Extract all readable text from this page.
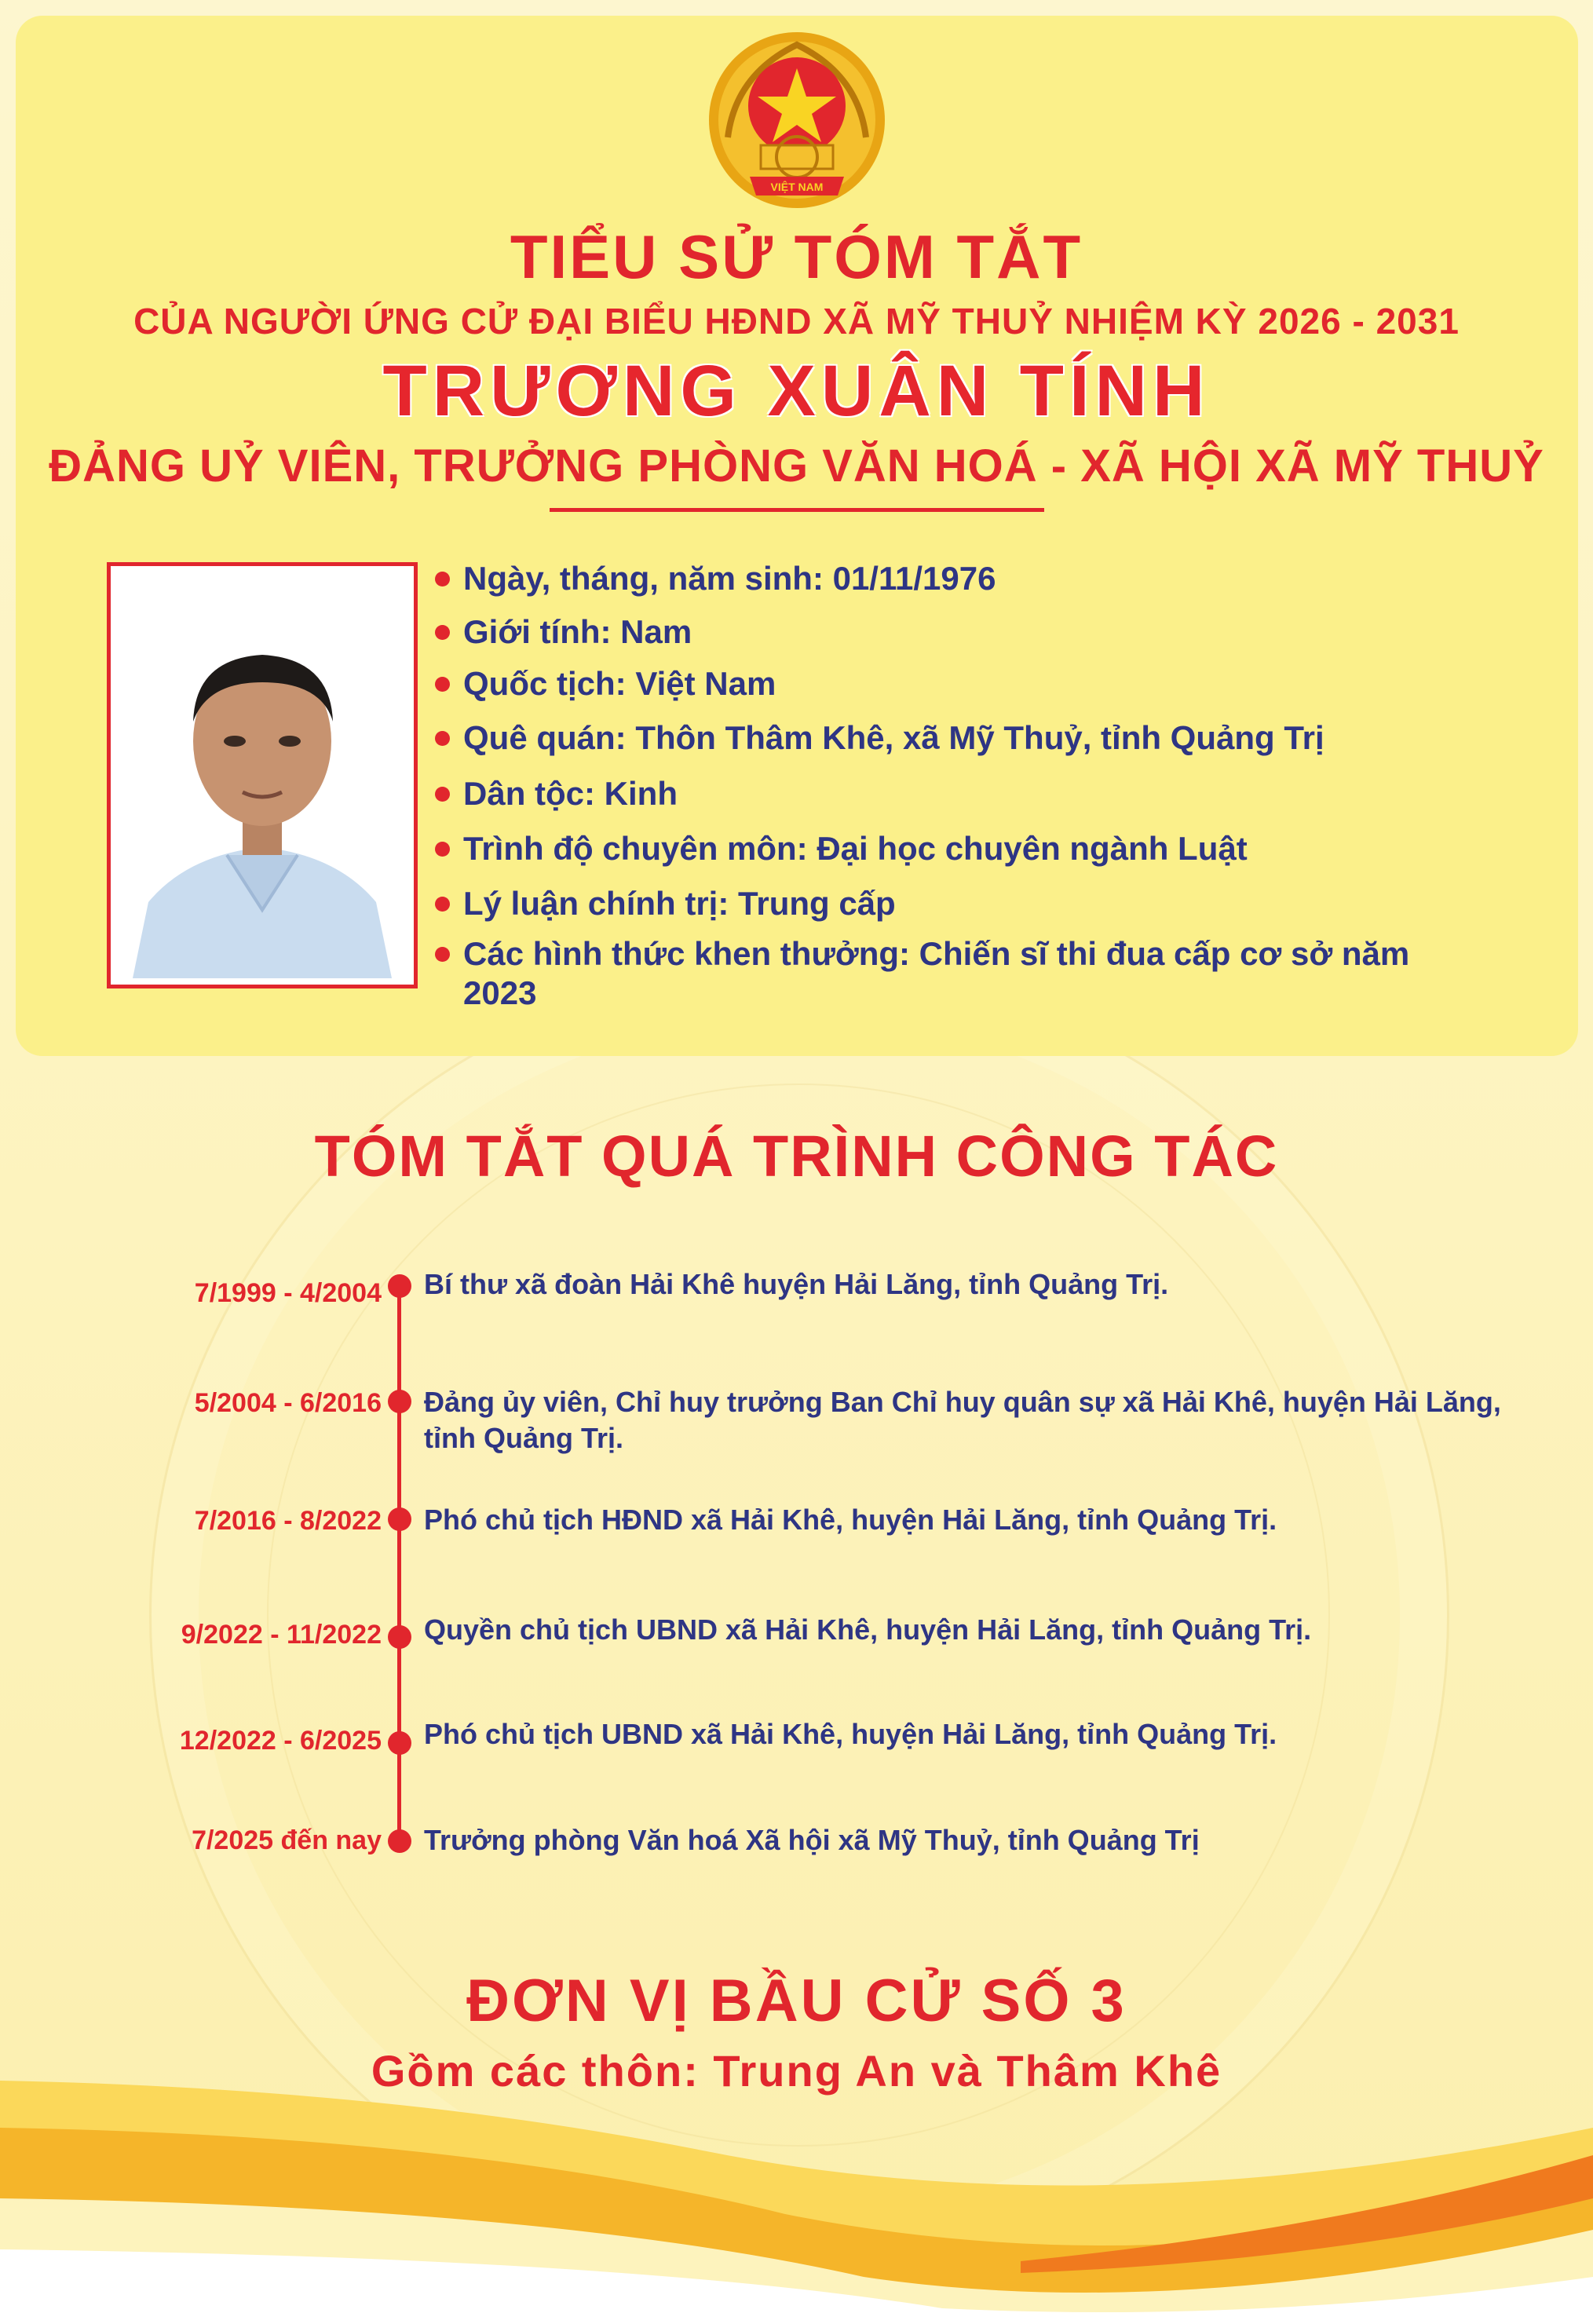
VIỆT NAM
TIỂU SỬ TÓM TẮT
CỦA NGƯỜI ỨNG CỬ ĐẠI BIỂU HĐND XÃ MỸ THUỶ NHIỆM KỲ 2026 - 2031
TRƯƠNG XUÂN TÍNH
ĐẢNG UỶ VIÊN, TRƯỞNG PHÒNG VĂN HOÁ - XÃ HỘI XÃ MỸ THUỶ
Ngày, tháng, năm sinh: 01/11/1976
Giới tính: Nam
Quốc tịch: Việt Nam
Quê quán: Thôn Thâm Khê, xã Mỹ Thuỷ, tỉnh Quảng Trị
Dân tộc: Kinh
Trình độ chuyên môn: Đại học chuyên ngành Luật
Lý luận chính trị: Trung cấp
Các hình thức khen thưởng: Chiến sĩ thi đua cấp cơ sở năm 2023
TÓM TẮT QUÁ TRÌNH CÔNG TÁC
7/1999 - 4/2004 Bí thư xã đoàn Hải Khê huyện Hải Lăng, tỉnh Quảng Trị.
5/2004 - 6/2016 Đảng ủy viên, Chỉ huy trưởng Ban Chỉ huy quân sự xã Hải Khê, huyện Hải Lăng, tỉnh Quảng Trị.
7/2016 - 8/2022 Phó chủ tịch HĐND xã Hải Khê, huyện Hải Lăng, tỉnh Quảng Trị.
9/2022 - 11/2022 Quyền chủ tịch UBND xã Hải Khê, huyện Hải Lăng, tỉnh Quảng Trị.
12/2022 - 6/2025 Phó chủ tịch UBND xã Hải Khê, huyện Hải Lăng, tỉnh Quảng Trị.
7/2025 đến nay Trưởng phòng Văn hoá Xã hội xã Mỹ Thuỷ, tỉnh Quảng Trị
ĐƠN VỊ BẦU CỬ SỐ 3
Gồm các thôn: Trung An và Thâm Khê
